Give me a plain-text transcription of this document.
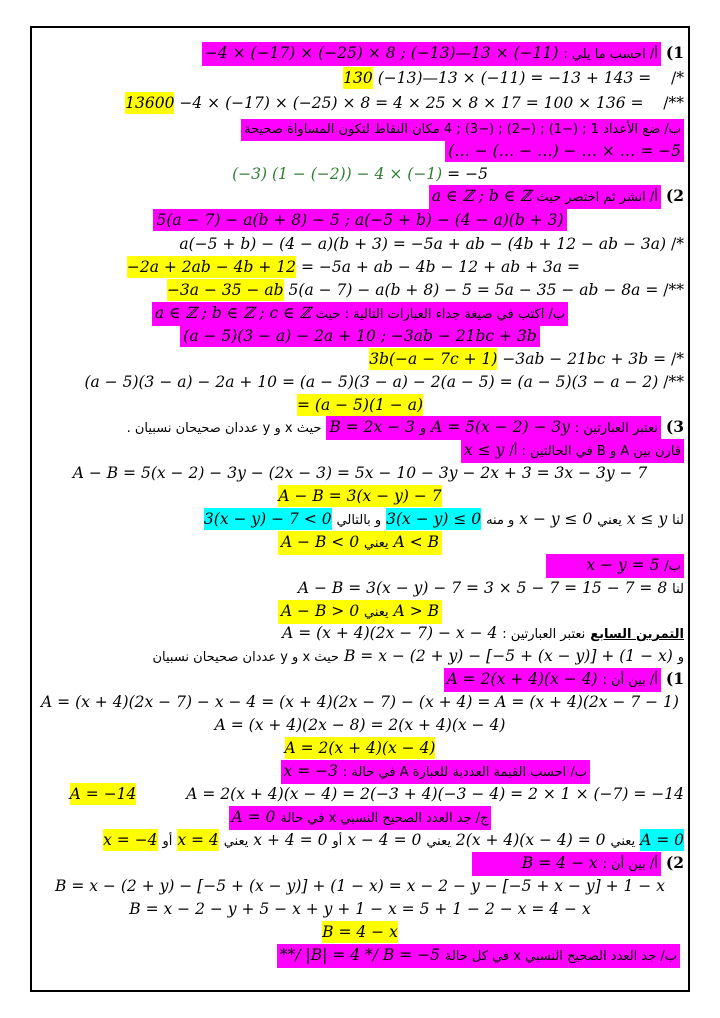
1) أ/ احسب ما يلي : −4 × (−17) × (−25) × 8 ; (−13)—13 × (−11)
*/    (−13)—13 × (−11) = −13 + 143 = 130
**/    −4 × (−17) × (−25) × 8 = 4 × 25 × 8 × 17 = 100 × 136 = 13600
ب/ ضع الأعداد 1 ; (−1) ; (−2) ; (−3) ; 4 مكان النقاط لتكون المساواة صحيحة
(… − (… − …) − … × … = −5
(−3) (1 − (−2)) − 4 × (−1) = −5
2) أ/ انشر ثم اختصر حيث a ∈ ℤ ; b ∈ ℤ
5(a − 7) − a(b + 8) − 5 ; a(−5 + b) − (4 − a)(b + 3)
*/ a(−5 + b) − (4 − a)(b + 3) = −5a + ab − (4b + 12 − ab − 3a)
= −5a + ab − 4b − 12 + ab + 3a = −2a + 2ab − 4b + 12
**/ 5(a − 7) − a(b + 8) − 5 = 5a − 35 − ab − 8a = −3a − 35 − ab
ب/ اكتب في صيغة جداء العبارات التالية : حيث a ∈ ℤ ; b ∈ ℤ ; c ∈ ℤ
(a − 5)(3 − a) − 2a + 10 ; −3ab − 21bc + 3b
*/ −3ab − 21bc + 3b = 3b(−a − 7c + 1)
**/ (a − 5)(3 − a) − 2a + 10 = (a − 5)(3 − a) − 2(a − 5) = (a − 5)(3 − a − 2)
= (a − 5)(1 − a)
3) نعتبر العبارتين : A = 5(x − 2) − 3y و B = 2x − 3 حيث x و y عددان صحيحان نسبيان .
قارن بين A و B في الحالتين : أ/ x ≤ y
A − B = 5(x − 2) − 3y − (2x − 3) = 5x − 10 − 3y − 2x + 3 = 3x − 3y − 7
A − B = 3(x − y) − 7
لنا x ≤ y يعني x − y ≤ 0 و منه 3(x − y) ≤ 0 و بالتالي 3(x − y) − 7 < 0
A < B يعني A − B < 0
ب/ x − y = 5
لنا A − B = 3(x − y) − 7 = 3 × 5 − 7 = 15 − 7 = 8
A > B يعني A − B > 0
التمرين السابع نعتبر العبارتين : A = (x + 4)(2x − 7) − x − 4
و B = x − (2 + y) − [−5 + (x − y)] + (1 − x) حيث x و y عددان صحيحان نسبيان
1) أ/ بين أن : A = 2(x + 4)(x − 4)
A = (x + 4)(2x − 7) − x − 4 = (x + 4)(2x − 7) − (x + 4) = A = (x + 4)(2x − 7 − 1)
A = (x + 4)(2x − 8) = 2(x + 4)(x − 4)
A = 2(x + 4)(x − 4)
ب/ احسب القيمة العددية للعبارة A في حالة : x = −3
A = 2(x + 4)(x − 4) = 2(−3 + 4)(−3 − 4) = 2 × 1 × (−7) = −14  A = −14
ج/ جد العدد الصحيح النسبي x في حالة A = 0
A = 0 يعني 2(x + 4)(x − 4) = 0 يعني x − 4 = 0 أو x + 4 = 0 يعني x = 4 أو x = −4
2) أ/ بين أن : B = 4 − x
B = x − (2 + y) − [−5 + (x − y)] + (1 − x) = x − 2 − y − [−5 + x − y] + 1 − x
B = x − 2 − y + 5 − x + y + 1 − x = 5 + 1 − 2 − x = 4 − x
B = 4 − x
ب/ جد العدد الصحيح النسبي x في كل حالة */ B = −5 **/ |B| = 4
